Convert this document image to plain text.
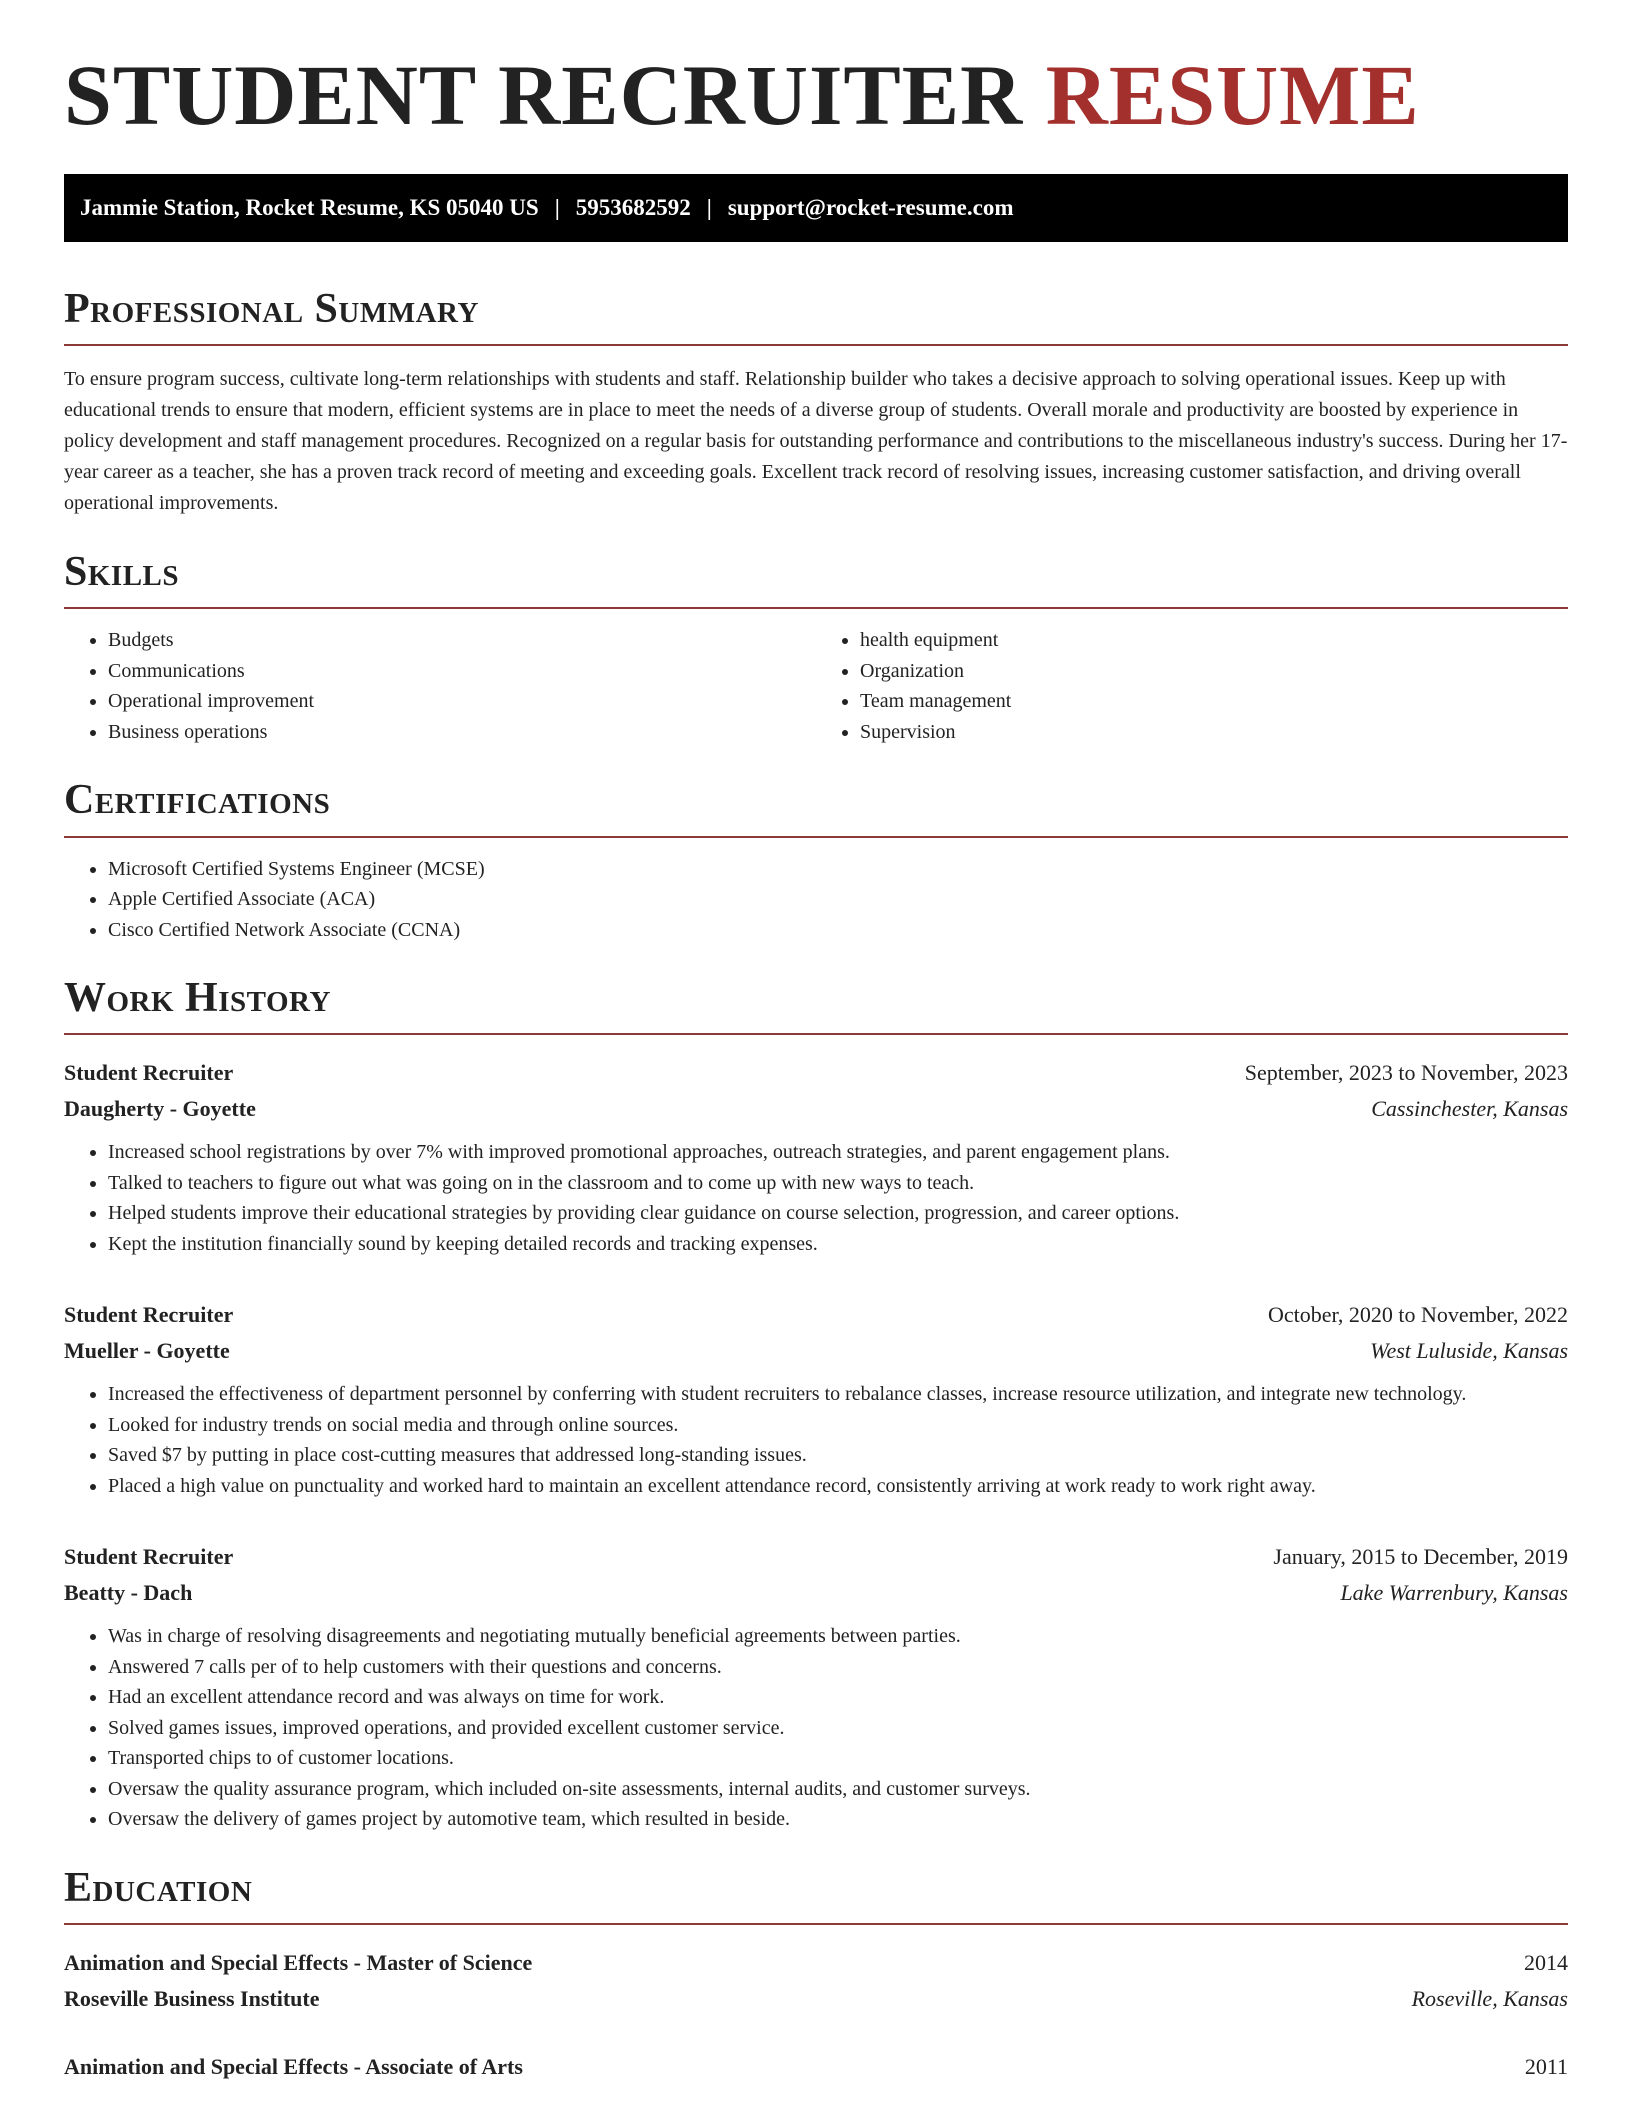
STUDENT RECRUITER RESUME
Jammie Station, Rocket Resume, KS 05040 US | 5953682592 | support@rocket-resume.com
Professional Summary

To ensure program success, cultivate long-term relationships with students and staff. Relationship builder who takes a decisive approach to solving operational issues. Keep up with educational trends to ensure that modern, efficient systems are in place to meet the needs of a diverse group of students. Overall morale and productivity are boosted by experience in policy development and staff management procedures. Recognized on a regular basis for outstanding performance and contributions to the miscellaneous industry's success. During her 17-year career as a teacher, she has a proven track record of meeting and exceeding goals. Excellent track record of resolving issues, increasing customer satisfaction, and driving overall operational improvements.

Skills
• Budgets
• Communications
• Operational improvement
• Business operations
• health equipment
• Organization
• Team management
• Supervision
Certifications
• Microsoft Certified Systems Engineer (MCSE)
• Apple Certified Associate (ACA)
• Cisco Certified Network Associate (CCNA)
Work History
Student Recruiter	September, 2023 to November, 2023
Daugherty - Goyette	Cassinchester, Kansas
• Increased school registrations by over 7% with improved promotional approaches, outreach strategies, and parent engagement plans.
• Talked to teachers to figure out what was going on in the classroom and to come up with new ways to teach.
• Helped students improve their educational strategies by providing clear guidance on course selection, progression, and career options.
• Kept the institution financially sound by keeping detailed records and tracking expenses.
Student Recruiter	October, 2020 to November, 2022
Mueller - Goyette	West Luluside, Kansas
• Increased the effectiveness of department personnel by conferring with student recruiters to rebalance classes, increase resource utilization, and integrate new technology.
• Looked for industry trends on social media and through online sources.
• Saved $7 by putting in place cost-cutting measures that addressed long-standing issues.
• Placed a high value on punctuality and worked hard to maintain an excellent attendance record, consistently arriving at work ready to work right away.
Student Recruiter	January, 2015 to December, 2019
Beatty - Dach	Lake Warrenbury, Kansas
• Was in charge of resolving disagreements and negotiating mutually beneficial agreements between parties.
• Answered 7 calls per of to help customers with their questions and concerns.
• Had an excellent attendance record and was always on time for work.
• Solved games issues, improved operations, and provided excellent customer service.
• Transported chips to of customer locations.
• Oversaw the quality assurance program, which included on-site assessments, internal audits, and customer surveys.
• Oversaw the delivery of games project by automotive team, which resulted in beside.
Education
Animation and Special Effects - Master of Science	2014
Roseville Business Institute	Roseville, Kansas
Animation and Special Effects - Associate of Arts	2011
